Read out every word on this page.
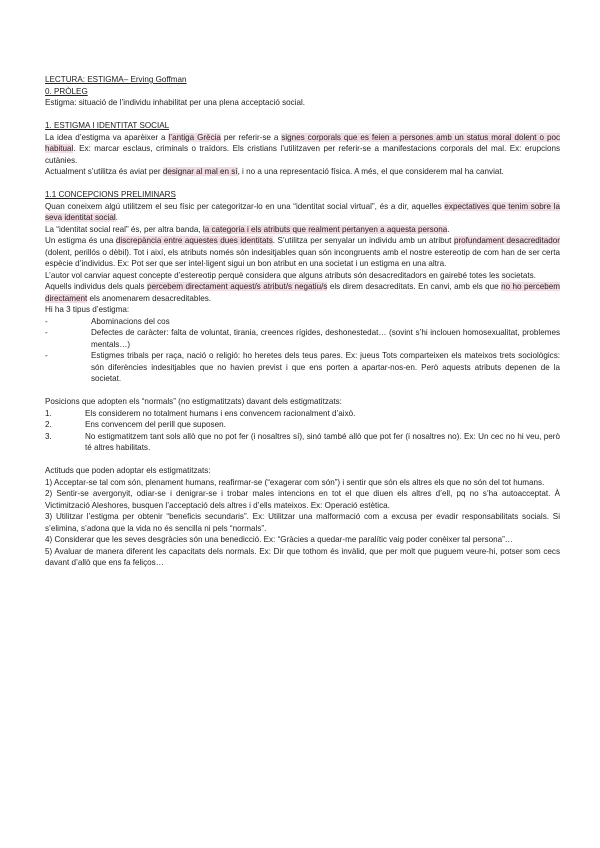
LECTURA: ESTIGMA– Erving Goffman

0. PRÒLEG

Estigma: situació de l’individu inhabilitat per una plena acceptació social.

1. ESTIGMA I IDENTITAT SOCIAL

La idea d’estigma va aparèixer a l’antiga Grècia per referir-se a signes corporals que es feien a persones amb un status moral dolent o poc habitual. Ex: marcar esclaus, criminals o traïdors. Els cristians l’utilitzaven per referir-se a manifestacions corporals del mal. Ex: erupcions cutànies.

Actualment s’utilitza és aviat per designar al mal en sí, i no a una representació física. A més, el que considerem mal ha canviat.

1.1 CONCEPCIONS PRELIMINARS

Quan coneixem algú utilitzem el seu físic per categoritzar-lo en una “identitat social virtual”, és a dir, aquelles expectatives que tenim sobre la seva identitat social.

La “identitat social real” és, per altra banda, la categoria i els atributs que realment pertanyen a aquesta persona.

Un estigma és una discrepància entre aquestes dues identitats. S’utilitza per senyalar un individu amb un atribut profundament desacreditador (dolent, perillós o dèbil). Tot i així, els atributs només són indesitjables quan són incongruents amb el nostre estereotip de com han de ser certa espècie d’individus. Ex: Pot ser que ser intel·ligent sigui un bon atribut en una societat i un estigma en una altra.

L’autor vol canviar aquest concepte d’estereotip perquè considera que alguns atributs són desacreditadors en gairebé totes les societats.

Aquells individus dels quals percebem directament aquest/s atribut/s negatiu/s els direm desacreditats. En canvi, amb els que no ho percebem directament els anomenarem desacreditables.

Hi ha 3 tipus d’estigma:

- Abominacions del cos
- Defectes de caràcter: falta de voluntat, tirania, creences rígides, deshonestedat… (sovint s’hi inclouen homosexualitat, problemes mentals…)
- Estigmes tribals per raça, nació o religió: ho heretes dels teus pares. Ex: jueus Tots comparteixen els mateixos trets sociològics: són diferències indesitjables que no havien previst i que ens porten a apartar-nos-en. Però aquests atributs depenen de la societat.

Posicions que adopten els “normals” (no estigmatitzats) davant dels estigmatitzats:

1.	Els considerem no totalment humans i ens convencem racionalment d’això.
2.	Ens convencem del perill que suposen.
3.	No estigmatitzem tant sols allò que no pot fer (i nosaltres sí), sinó també allò que pot fer (i nosaltres no). Ex: Un cec no hi veu, però té altres habilitats.

Actituds que poden adoptar els estigmatitzats:

1) Acceptar-se tal com són, plenament humans, reafirmar-se (“exagerar com són”) i sentir que són els altres els que no són del tot humans.

2) Sentir-se avergonyit, odiar-se i denigrar-se i trobar males intencions en tot el que diuen els altres d’ell, pq no s’ha autoacceptat. À Victimització Aleshores, busquen l’acceptació dels altres i d’ells mateixos. Ex: Operació estètica.

3) Utilitzar l’estigma per obtenir “beneficis secundaris”. Ex: Utilitzar una malformació com a excusa per evadir responsabilitats socials. Si s’elimina, s’adona que la vida no és sencilla ni pels “normals”.

4) Considerar que les seves desgràcies són una benedicció. Ex: “Gràcies a quedar-me paralític vaig poder conèixer tal persona”…

5) Avaluar de manera diferent les capacitats dels normals. Ex: Dir que tothom és invàlid, que per molt que puguem veure-hi, potser som cecs davant d’allò que ens fa feliços…
